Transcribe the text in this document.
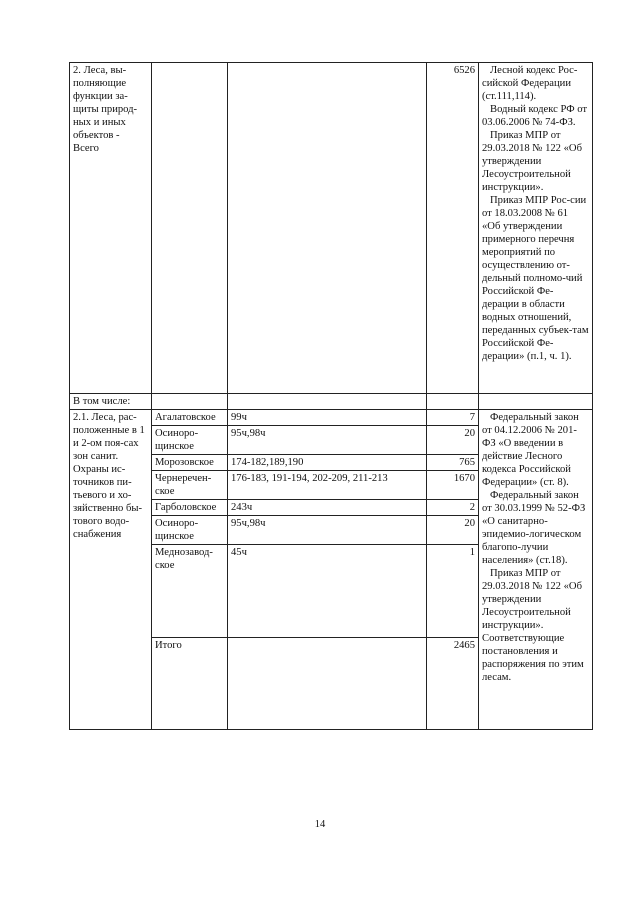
2. Леса, вы-полняющие функции за-щиты природ-ных и иных объектов - Всего			6526	Лесной кодекс Рос-сийской Федерации (ст.111,114).
Водный кодекс РФ от 03.06.2006 № 74-ФЗ.
Приказ МПР от 29.03.2018 № 122 «Об утверждении Лесоустроительной инструкции».
Приказ МПР Рос-сии от 18.03.2008 № 61 «Об утверждении примерного перечня мероприятий по осуществлению от-дельный полномо-чий Российской Фе-дерации в области водных отношений, переданных субъек-там Российской Фе-дерации» (п.1, ч. 1).

В том числе:				
2.1. Леса, рас-положенные в 1 и 2-ом поя-сах зон санит. Охраны ис-точников пи-тьевого и хо-зяйственно бы-тового водо-снабжения	Агалатовское	99ч	7	Федеральный закон от 04.12.2006 № 201-ФЗ «О введении в действие Лесного кодекса Российской Федерации» (ст. 8).
Федеральный закон от 30.03.1999 № 52-ФЗ «О санитарно-эпидемио-логическом благопо-лучии населения» (ст.18).
Приказ МПР от 29.03.2018 № 122 «Об утверждении Лесоустроительной инструкции».
Соответствующие постановления и распоряжения по этим лесам.

	Осиноро-щинское	95ч,98ч	20	
	Морозовское	174-182,189,190	765	
	Чернеречен-ское	176-183, 191-194, 202-209, 211-213	1670	
	Гарболовское	243ч	2	
	Осиноро-щинское	95ч,98ч	20	
	Меднозавод-ское	45ч	1	
	Итого		2465	
14
